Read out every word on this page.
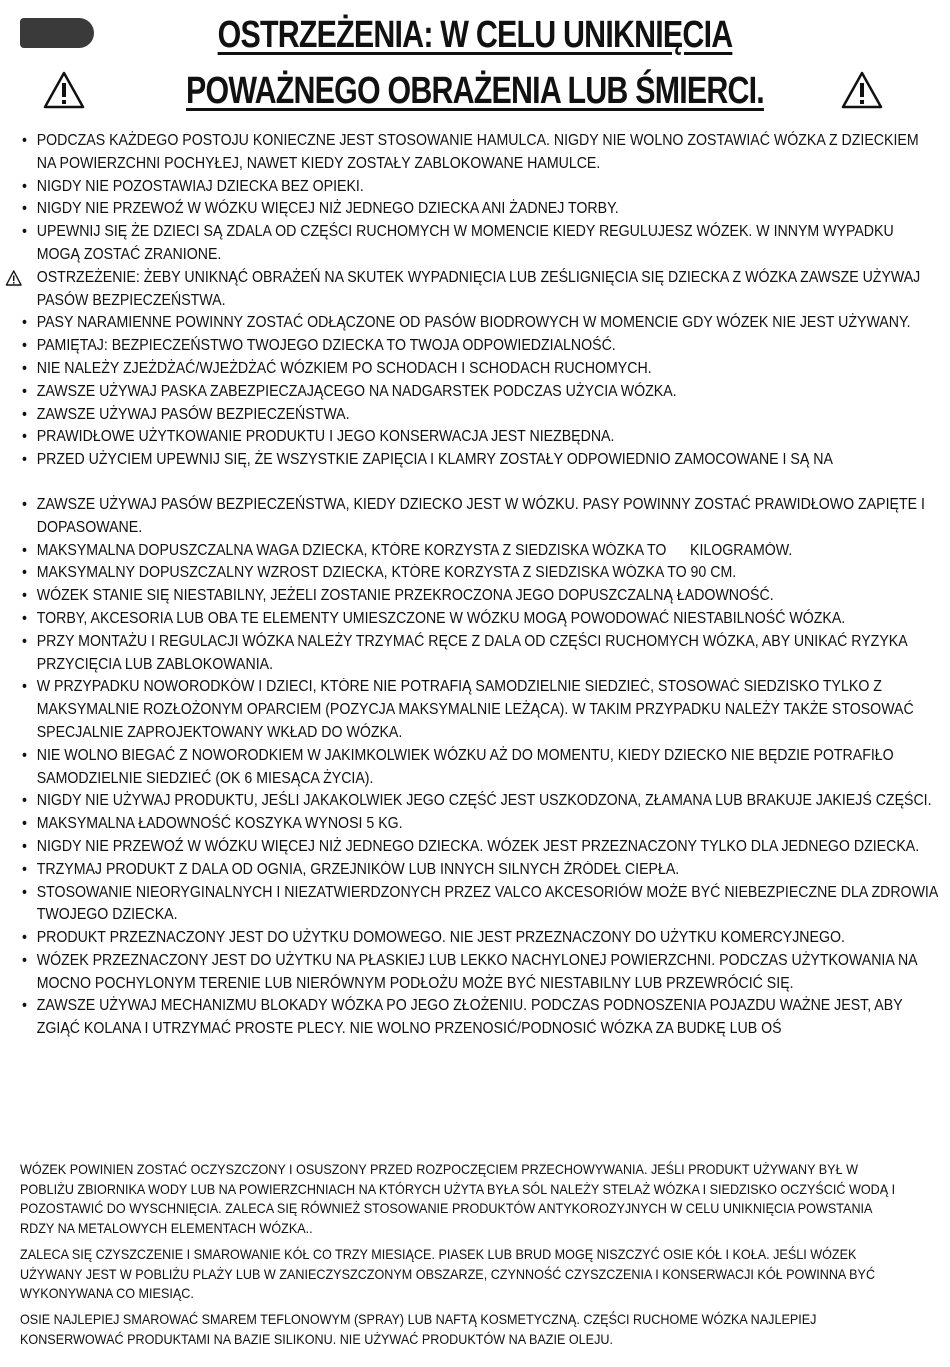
OSTRZEŻENIA: W CELU UNIKNIĘCIA
POWAŻNEGO OBRAŻENIA LUB ŚMIERCI.
• PODCZAS KAŻDEGO POSTOJU KONIECZNE JEST STOSOWANIE HAMULCA. NIGDY NIE WOLNO ZOSTAWIAĆ WÓZKA Z DZIECKIEM NA POWIERZCHNI POCHYŁEJ, NAWET KIEDY ZOSTAŁY ZABLOKOWANE HAMULCE.
• NIGDY NIE POZOSTAWIAJ DZIECKA BEZ OPIEKI.
• NIGDY NIE PRZEWOŹ W WÓZKU WIĘCEJ NIŻ JEDNEGO DZIECKA ANI ŻADNEJ TORBY.
• UPEWNIJ SIĘ ŻE DZIECI SĄ ZDALA OD CZĘŚCI RUCHOMYCH W MOMENCIE KIEDY REGULUJESZ WÓZEK. W INNYM WYPADKU MOGĄ ZOSTAĆ ZRANIONE.
OSTRZEŻENIE: ŻEBY UNIKNĄĆ OBRAŻEŃ NA SKUTEK WYPADNIĘCIA LUB ZEŚLIGNIĘCIA SIĘ DZIECKA Z WÓZKA ZAWSZE UŻYWAJ PASÓW BEZPIECZEŃSTWA.
• PASY NARAMIENNE POWINNY ZOSTAĆ ODŁĄCZONE OD PASÓW BIODROWYCH W MOMENCIE GDY WÓZEK NIE JEST UŻYWANY.
• PAMIĘTAJ: BEZPIECZEŃSTWO TWOJEGO DZIECKA TO TWOJA ODPOWIEDZIALNOŚĆ.
• NIE NALEŻY ZJEŻDŻAĆ/WJEŻDŻAĆ WÓZKIEM PO SCHODACH I SCHODACH RUCHOMYCH.
• ZAWSZE UŻYWAJ PASKA ZABEZPIECZAJĄCEGO NA NADGARSTEK PODCZAS UŻYCIA WÓZKA.
• ZAWSZE UŻYWAJ PASÓW BEZPIECZEŃSTWA.
• PRAWIDŁOWE UŻYTKOWANIE PRODUKTU I JEGO KONSERWACJA JEST NIEZBĘDNA.
• PRZED UŻYCIEM UPEWNIJ SIĘ, ŻE WSZYSTKIE ZAPIĘCIA I KLAMRY ZOSTAŁY ODPOWIEDNIO ZAMOCOWANE I SĄ NA
• ZAWSZE UŻYWAJ PASÓW BEZPIECZEŃSTWA, KIEDY DZIECKO JEST W WÓZKU. PASY POWINNY ZOSTAĆ PRAWIDŁOWO ZAPIĘTE I DOPASOWANE.
• MAKSYMALNA DOPUSZCZALNA WAGA DZIECKA, KTÓRE KORZYSTA Z SIEDZISKA WÓZKA TO      KILOGRAMÓW.
• MAKSYMALNY DOPUSZCZALNY WZROST DZIECKA, KTÓRE KORZYSTA Z SIEDZISKA WÓZKA TO 90 CM.
• WÓZEK STANIE SIĘ NIESTABILNY, JEŻELI ZOSTANIE PRZEKROCZONA JEGO DOPUSZCZALNĄ ŁADOWNOŚĆ.
• TORBY, AKCESORIA LUB OBA TE ELEMENTY UMIESZCZONE W WÓZKU MOGĄ POWODOWAĆ NIESTABILNOŚĆ WÓZKA.
• PRZY MONTAŻU I REGULACJI WÓZKA NALEŻY TRZYMAĆ RĘCE Z DALA OD CZĘŚCI RUCHOMYCH WÓZKA, ABY UNIKAĆ RYZYKA PRZYCIĘCIA LUB ZABLOKOWANIA.
• W PRZYPADKU NOWORODKÓW I DZIECI, KTÓRE NIE POTRAFIĄ SAMODZIELNIE SIEDZIEĆ, STOSOWAĆ SIEDZISKO TYLKO Z MAKSYMALNIE ROZŁOŻONYM OPARCIEM (POZYCJA MAKSYMALNIE LEŻĄCA). W TAKIM PRZYPADKU NALEŻY TAKŻE STOSOWAĆ SPECJALNIE ZAPROJEKTOWANY WKŁAD DO WÓZKA.
• NIE WOLNO BIEGAĆ Z NOWORODKIEM W JAKIMKOLWIEK WÓZKU AŻ DO MOMENTU, KIEDY DZIECKO NIE BĘDZIE POTRAFIŁO SAMODZIELNIE SIEDZIEĆ (OK 6 MIESĄCA ŻYCIA).
• NIGDY NIE UŻYWAJ PRODUKTU, JEŚLI JAKAKOLWIEK JEGO CZĘŚĆ JEST USZKODZONA, ZŁAMANA LUB BRAKUJE JAKIEJŚ CZĘŚCI.
• MAKSYMALNA ŁADOWNOŚĆ KOSZYKA WYNOSI 5 KG.
• NIGDY NIE PRZEWOŹ W WÓZKU WIĘCEJ NIŻ JEDNEGO DZIECKA. WÓZEK JEST PRZEZNACZONY TYLKO DLA JEDNEGO DZIECKA.
• TRZYMAJ PRODUKT Z DALA OD OGNIA, GRZEJNIKÓW LUB INNYCH SILNYCH ŹRÓDEŁ CIEPŁA.
• STOSOWANIE NIEORYGINALNYCH I NIEZATWIERDZONYCH PRZEZ VALCO AKCESORIÓW MOŻE BYĆ NIEBEZPIECZNE DLA ZDROWIA TWOJEGO DZIECKA.
• PRODUKT PRZEZNACZONY JEST DO UŻYTKU DOMOWEGO. NIE JEST PRZEZNACZONY DO UŻYTKU KOMERCYJNEGO.
• WÓZEK PRZEZNACZONY JEST DO UŻYTKU NA PŁASKIEJ LUB LEKKO NACHYLONEJ POWIERZCHNI. PODCZAS UŻYTKOWANIA NA MOCNO POCHYLONYM TERENIE LUB NIERÓWNYM PODŁOŻU MOŻE BYĆ NIESTABILNY LUB PRZEWRÓCIĆ SIĘ.
• ZAWSZE UŻYWAJ MECHANIZMU BLOKADY WÓZKA PO JEGO ZŁOŻENIU. PODCZAS PODNOSZENIA POJAZDU WAŻNE JEST, ABY ZGIĄĆ KOLANA I UTRZYMAĆ PROSTE PLECY. NIE WOLNO PRZENOSIĆ/PODNOSIĆ WÓZKA ZA BUDKĘ LUB OŚ
WÓZEK POWINIEN ZOSTAĆ OCZYSZCZONY I OSUSZONY PRZED ROZPOCZĘCIEM PRZECHOWYWANIA. JEŚLI PRODUKT UŻYWANY BYŁ W POBLIŻU ZBIORNIKA WODY LUB NA POWIERZCHNIACH NA KTÓRYCH UŻYTA BYŁA SÓL NALEŻY STELAŻ WÓZKA I SIEDZISKO OCZYŚCIĆ WODĄ I POZOSTAWIĆ DO WYSCHNIĘCIA. ZALECA SIĘ RÓWNIEŻ STOSOWANIE PRODUKTÓW ANTYKOROZYJNYCH W CELU UNIKNIĘCIA POWSTANIA RDZY NA METALOWYCH ELEMENTACH WÓZKA..
ZALECA SIĘ CZYSZCZENIE I SMAROWANIE KÓŁ CO TRZY MIESIĄCE. PIASEK LUB BRUD MOGĘ NISZCZYĆ OSIE KÓŁ I KOŁA. JEŚLI WÓZEK UŻYWANY JEST W POBLIŻU PLAŻY LUB W ZANIECZYSZCZONYM OBSZARZE, CZYNNOŚĆ CZYSZCZENIA I KONSERWACJI KÓŁ POWINNA BYĆ WYKONYWANA CO MIESIĄC.
OSIE NAJLEPIEJ SMAROWAĆ SMAREM TEFLONOWYM (SPRAY) LUB NAFTĄ KOSMETYCZNĄ. CZĘŚCI RUCHOME WÓZKA NAJLEPIEJ KONSERWOWAĆ PRODUKTAMI NA BAZIE SILIKONU. NIE UŻYWAĆ PRODUKTÓW NA BAZIE OLEJU.
